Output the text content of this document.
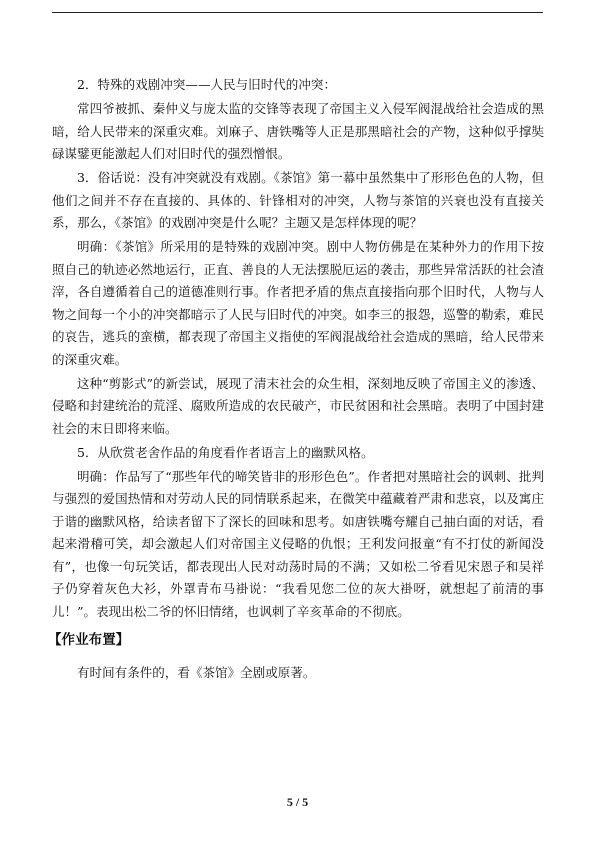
2．特殊的戏剧冲突——人民与旧时代的冲突：

常四爷被抓、秦仲义与庞太监的交锋等表现了帝国主义入侵军阀混战给社会造成的黑暗，给人民带来的深重灾难。刘麻子、唐铁嘴等人正是那黑暗社会的产物，这种似乎撑奘碌谋鐾更能激起人们对旧时代的强烈憎恨。

3．俗话说：没有冲突就没有戏剧。《茶馆》第一幕中虽然集中了形形色色的人物，但他们之间并不存在直接的、具体的、针锋相对的冲突，人物与茶馆的兴衰也没有直接关系，那么，《茶馆》的戏剧冲突是什么呢？主题又是怎样体现的呢？

明确：《茶馆》所采用的是特殊的戏剧冲突。剧中人物仿佛是在某种外力的作用下按照自己的轨迹必然地运行，正直、善良的人无法摆脱厄运的袭击，那些异常活跃的社会渣滓，各自遵循着自己的道德准则行事。作者把矛盾的焦点直接指向那个旧时代，人物与人物之间每一个小的冲突都暗示了人民与旧时代的冲突。如李三的报怨，巡警的勒索，难民的哀告，逃兵的蛮横，都表现了帝国主义指使的军阀混战给社会造成的黑暗，给人民带来的深重灾难。

这种“剪影式”的新尝试，展现了清末社会的众生相，深刻地反映了帝国主义的渗透、侵略和封建统治的荒淫、腐败所造成的农民破产，市民贫困和社会黑暗。表明了中国封建社会的末日即将来临。

5．从欣赏老舍作品的角度看作者语言上的幽默风格。

明确：作品写了“那些年代的啼笑皆非的形形色色”。作者把对黑暗社会的讽刺、批判与强烈的爱国热情和对劳动人民的同情联系起来，在微笑中蕴藏着严肃和悲哀，以及寓庄于谐的幽默风格，给读者留下了深长的回味和思考。如唐铁嘴夸耀自己抽白面的对话，看起来滑稽可笑，却会激起人们对帝国主义侵略的仇恨；王利发问报童“有不打仗的新闻没有”，也像一句玩笑话，都表现出人民对动荡时局的不满；又如松二爷看见宋恩子和吴祥子仍穿着灰色大衫，外罩青布马褂说：“我看见您二位的灰大褂呀，就想起了前清的事儿！”。表现出松二爷的怀旧情绪，也讽刺了辛亥革命的不彻底。

【作业布置】

有时间有条件的，看《茶馆》全剧或原著。

5 / 5
